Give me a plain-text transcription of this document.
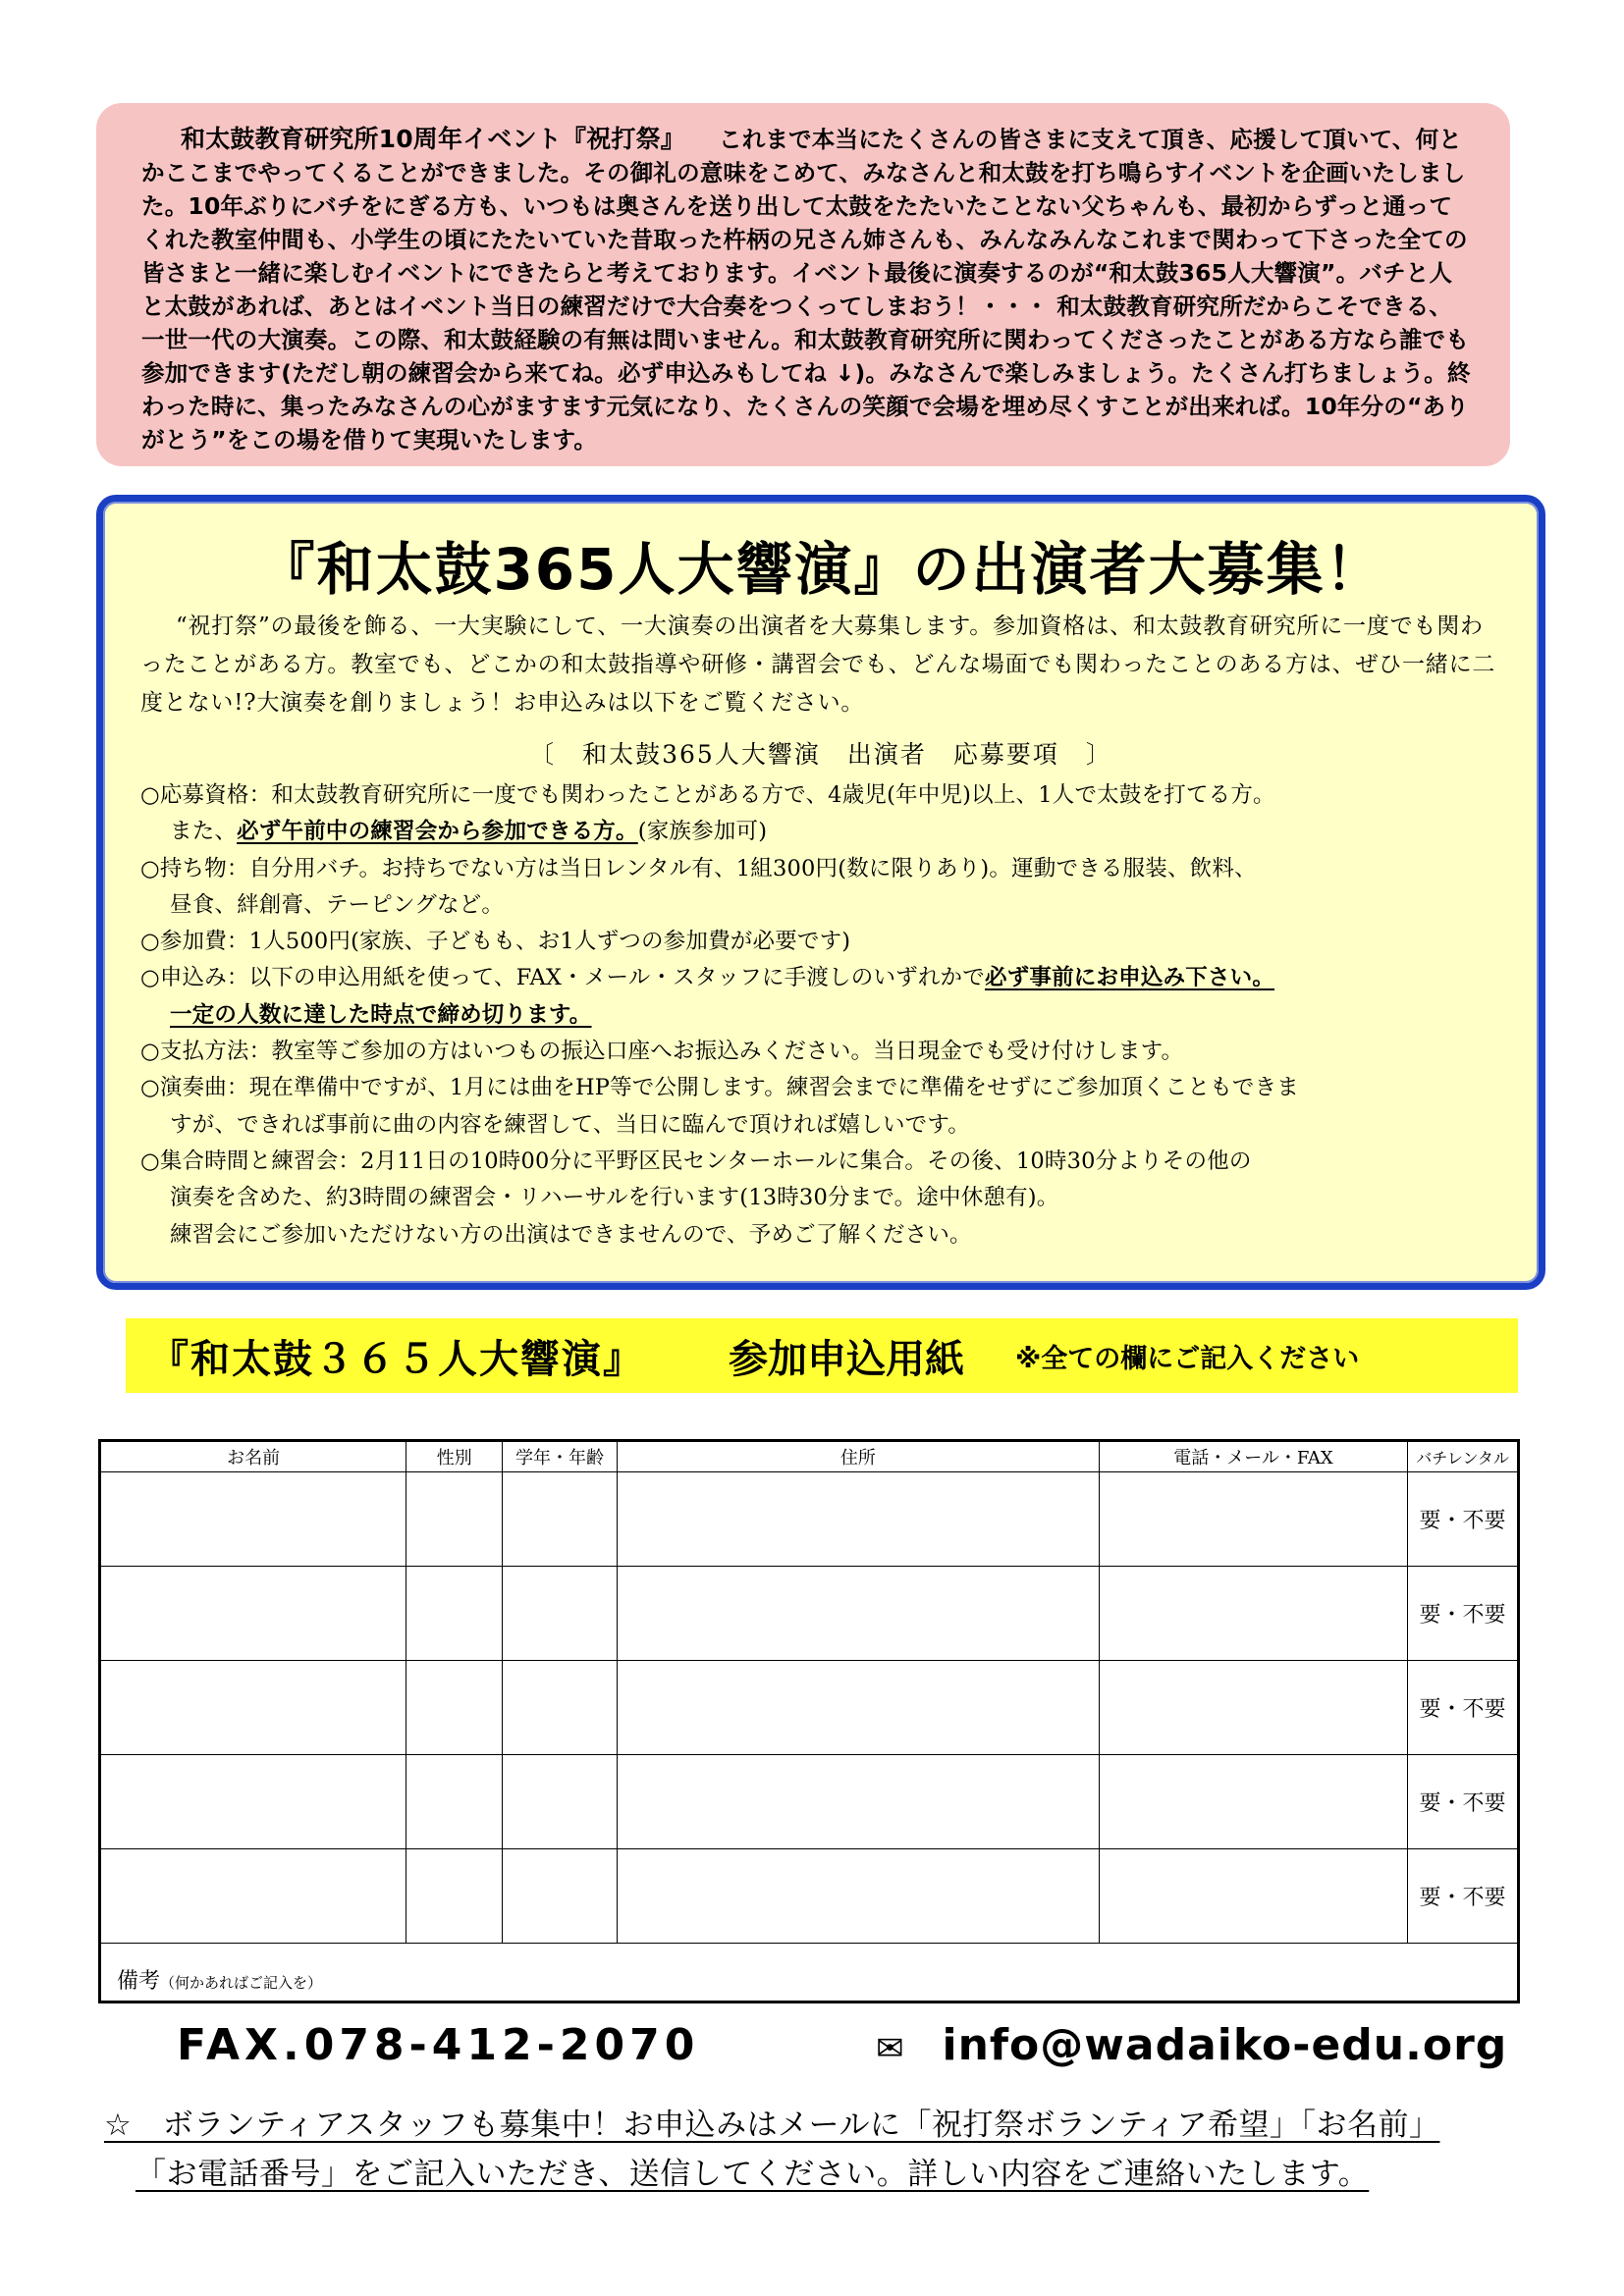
和太鼓教育研究所10周年イベント『祝打祭』 これまで本当にたくさんの皆さまに支えて頂き、応援して頂いて、何とかここまでやってくることができました。その御礼の意味をこめて、みなさんと和太鼓を打ち鳴らすイベントを企画いたしました。10年ぶりにバチをにぎる方も、いつもは奥さんを送り出して太鼓をたたいたことない父ちゃんも、最初からずっと通ってくれた教室仲間も、小学生の頃にたたいていた昔取った杵柄の兄さん姉さんも、みんなみんなこれまで関わって下さった全ての皆さまと一緒に楽しむイベントにできたらと考えております。イベント最後に演奏するのが“和太鼓365人大響演”。バチと人と太鼓があれば、あとはイベント当日の練習だけで大合奏をつくってしまおう！・・・ 和太鼓教育研究所だからこそできる、一世一代の大演奏。この際、和太鼓経験の有無は問いません。和太鼓教育研究所に関わってくださったことがある方なら誰でも参加できます(ただし朝の練習会から来てね。必ず申込みもしてね ↓)。みなさんで楽しみましょう。たくさん打ちましょう。終わった時に、集ったみなさんの心がますます元気になり、たくさんの笑顔で会場を埋め尽くすことが出来れば。10年分の“ありがとう”をこの場を借りて実現いたします。
『和太鼓365人大響演』の出演者大募集！
“祝打祭”の最後を飾る、一大実験にして、一大演奏の出演者を大募集します。参加資格は、和太鼓教育研究所に一度でも関わったことがある方。教室でも、どこかの和太鼓指導や研修・講習会でも、どんな場面でも関わったことのある方は、ぜひ一緒に二度とない!?大演奏を創りましょう！お申込みは以下をご覧ください。
〔　和太鼓365人大響演　出演者　応募要項　〕
○応募資格：和太鼓教育研究所に一度でも関わったことがある方で、4歳児(年中児)以上、1人で太鼓を打てる方。
また、必ず午前中の練習会から参加できる方。(家族参加可)
○持ち物：自分用バチ。お持ちでない方は当日レンタル有、1組300円(数に限りあり)。運動できる服装、飲料、
昼食、絆創膏、テーピングなど。
○参加費：1人500円(家族、子どもも、お1人ずつの参加費が必要です)
○申込み：以下の申込用紙を使って、FAX・メール・スタッフに手渡しのいずれかで必ず事前にお申込み下さい。
一定の人数に達した時点で締め切ります。
○支払方法：教室等ご参加の方はいつもの振込口座へお振込みください。当日現金でも受け付けします。
○演奏曲：現在準備中ですが、1月には曲をHP等で公開します。練習会までに準備をせずにご参加頂くこともできま
すが、できれば事前に曲の内容を練習して、当日に臨んで頂ければ嬉しいです。
○集合時間と練習会：2月11日の10時00分に平野区民センターホールに集合。その後、10時30分よりその他の
演奏を含めた、約3時間の練習会・リハーサルを行います(13時30分まで。途中休憩有)。
練習会にご参加いただけない方の出演はできませんので、予めご了解ください。
『和太鼓３６５人大響演』 参加申込用紙 ※全ての欄にご記入ください
お名前	性別	学年・年齢	住所	電話・メール・FAX	バチレンタル
					要・不要
					要・不要
					要・不要
					要・不要
					要・不要
備考（何かあればご記入を）					
FAX.078-412-2070	✉ info@wadaiko-edu.org
☆　ボランティアスタッフも募集中！お申込みはメールに「祝打祭ボランティア希望」「お名前」
「お電話番号」をご記入いただき、送信してください。詳しい内容をご連絡いたします。
